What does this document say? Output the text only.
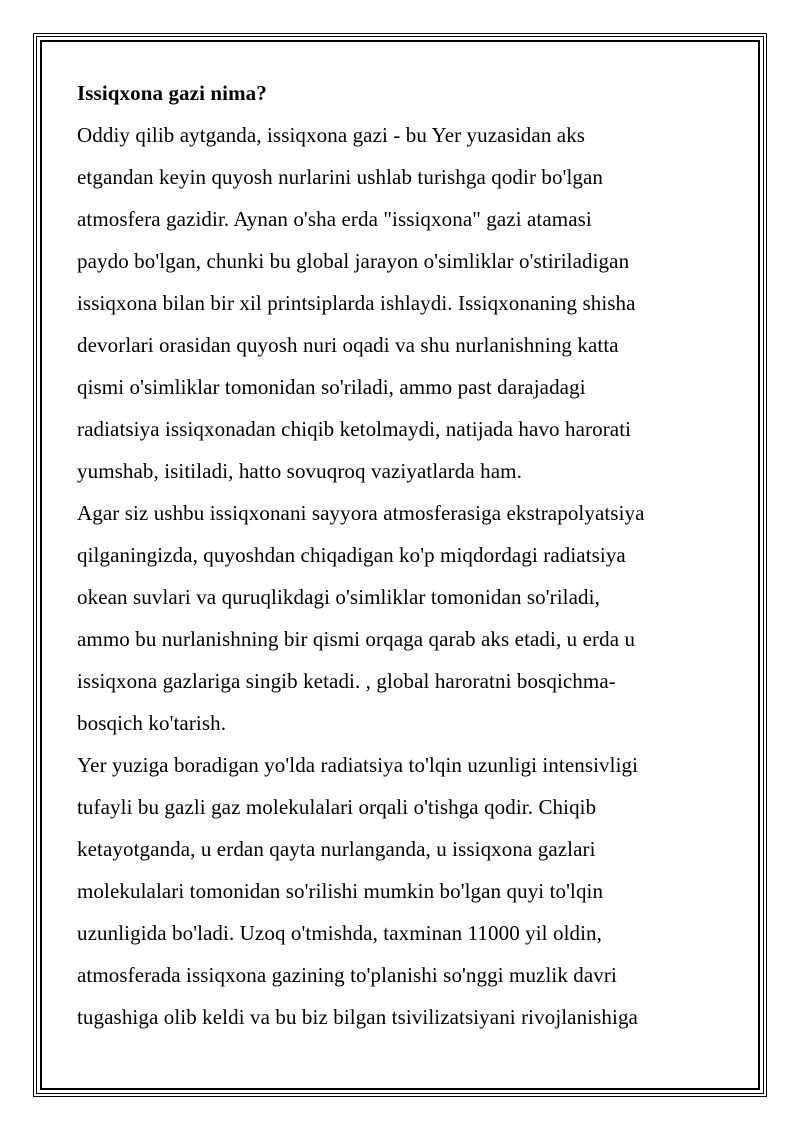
Issiqxona gazi nima?
Oddiy qilib aytganda, issiqxona gazi - bu Yer yuzasidan aks
etgandan keyin quyosh nurlarini ushlab turishga qodir bo'lgan
atmosfera gazidir. Aynan o'sha erda "issiqxona" gazi atamasi
paydo bo'lgan, chunki bu global jarayon o'simliklar o'stiriladigan
issiqxona bilan bir xil printsiplarda ishlaydi. Issiqxonaning shisha
devorlari orasidan quyosh nuri oqadi va shu nurlanishning katta
qismi o'simliklar tomonidan so'riladi, ammo past darajadagi
radiatsiya issiqxonadan chiqib ketolmaydi, natijada havo harorati
yumshab, isitiladi, hatto sovuqroq vaziyatlarda ham.
Agar siz ushbu issiqxonani sayyora atmosferasiga ekstrapolyatsiya
qilganingizda, quyoshdan chiqadigan ko'p miqdordagi radiatsiya
okean suvlari va quruqlikdagi o'simliklar tomonidan so'riladi,
ammo bu nurlanishning bir qismi orqaga qarab aks etadi, u erda u
issiqxona gazlariga singib ketadi. , global haroratni bosqichma-
bosqich ko'tarish.
Yer yuziga boradigan yo'lda radiatsiya to'lqin uzunligi intensivligi
tufayli bu gazli gaz molekulalari orqali o'tishga qodir. Chiqib
ketayotganda, u erdan qayta nurlanganda, u issiqxona gazlari
molekulalari tomonidan so'rilishi mumkin bo'lgan quyi to'lqin
uzunligida bo'ladi. Uzoq o'tmishda, taxminan 11000 yil oldin,
atmosferada issiqxona gazining to'planishi so'nggi muzlik davri
tugashiga olib keldi va bu biz bilgan tsivilizatsiyani rivojlanishiga
